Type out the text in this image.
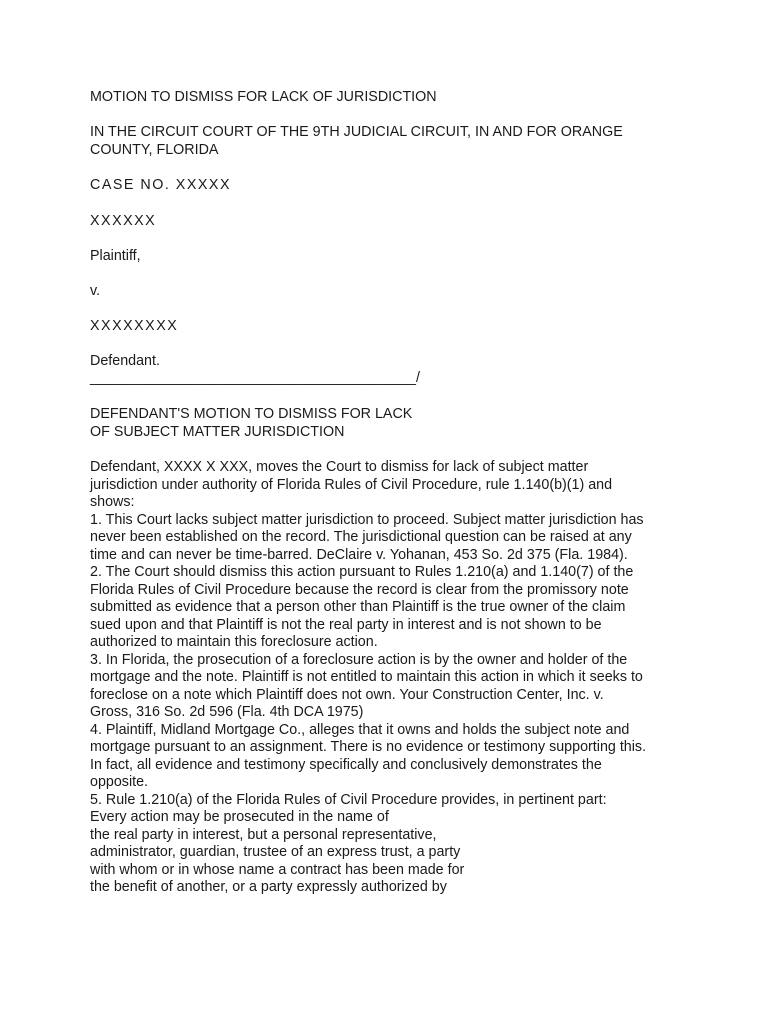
MOTION TO DISMISS FOR LACK OF JURISDICTION
IN THE CIRCUIT COURT OF THE 9TH JUDICIAL CIRCUIT, IN AND FOR ORANGE
COUNTY, FLORIDA
CASE NO. XXXXX
XXXXXX
Plaintiff,
v.
XXXXXXXX
Defendant.
_________________________________________/
DEFENDANT'S MOTION TO DISMISS FOR LACK
OF SUBJECT MATTER JURISDICTION
Defendant, XXXX X XXX, moves the Court to dismiss for lack of subject matter
jurisdiction under authority of Florida Rules of Civil Procedure, rule 1.140(b)(1) and
shows:
1. This Court lacks subject matter jurisdiction to proceed. Subject matter jurisdiction has
never been established on the record. The jurisdictional question can be raised at any
time and can never be time-barred. DeClaire v. Yohanan, 453 So. 2d 375 (Fla. 1984).
2. The Court should dismiss this action pursuant to Rules 1.210(a) and 1.140(7) of the
Florida Rules of Civil Procedure because the record is clear from the promissory note
submitted as evidence that a person other than Plaintiff is the true owner of the claim
sued upon and that Plaintiff is not the real party in interest and is not shown to be
authorized to maintain this foreclosure action.
3. In Florida, the prosecution of a foreclosure action is by the owner and holder of the
mortgage and the note. Plaintiff is not entitled to maintain this action in which it seeks to
foreclose on a note which Plaintiff does not own. Your Construction Center, Inc. v.
Gross, 316 So. 2d 596 (Fla. 4th DCA 1975)
4. Plaintiff, Midland Mortgage Co., alleges that it owns and holds the subject note and
mortgage pursuant to an assignment. There is no evidence or testimony supporting this.
In fact, all evidence and testimony specifically and conclusively demonstrates the
opposite.
5. Rule 1.210(a) of the Florida Rules of Civil Procedure provides, in pertinent part:
Every action may be prosecuted in the name of
the real party in interest, but a personal representative,
administrator, guardian, trustee of an express trust, a party
with whom or in whose name a contract has been made for
the benefit of another, or a party expressly authorized by
